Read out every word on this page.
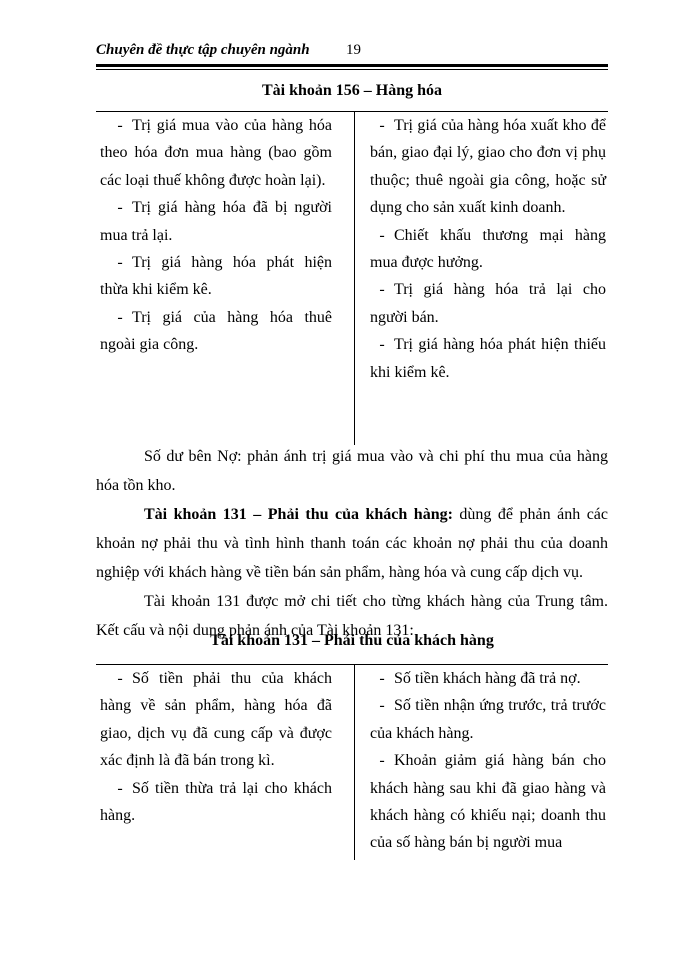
Chuyên đề thực tập chuyên ngành 19
Tài khoản 156 – Hàng hóa

- Trị giá mua vào của hàng hóa theo hóa đơn mua hàng (bao gồm các loại thuế không được hoàn lại).

- Trị giá hàng hóa đã bị người mua trả lại.

- Trị giá hàng hóa phát hiện thừa khi kiểm kê.

- Trị giá của hàng hóa thuê ngoài gia công.

- Trị giá của hàng hóa xuất kho để bán, giao đại lý, giao cho đơn vị phụ thuộc; thuê ngoài gia công, hoặc sử dụng cho sản xuất kinh doanh.

- Chiết khấu thương mại hàng mua được hưởng.

- Trị giá hàng hóa trả lại cho người bán.

- Trị giá hàng hóa phát hiện thiếu khi kiểm kê.

Số dư bên Nợ: phản ánh trị giá mua vào và chi phí thu mua của hàng hóa tồn kho.

Tài khoản 131 – Phải thu của khách hàng: dùng để phản ánh các khoản nợ phải thu và tình hình thanh toán các khoản nợ phải thu của doanh nghiệp với khách hàng về tiền bán sản phẩm, hàng hóa và cung cấp dịch vụ.

Tài khoản 131 được mở chi tiết cho từng khách hàng của Trung tâm. Kết cấu và nội dung phản ánh của Tài khoản 131:

Tài khoản 131 – Phải thu của khách hàng

- Số tiền phải thu của khách hàng về sản phẩm, hàng hóa đã giao, dịch vụ đã cung cấp và được xác định là đã bán trong kì.

- Số tiền thừa trả lại cho khách hàng.

- Số tiền khách hàng đã trả nợ.

- Số tiền nhận ứng trước, trả trước của khách hàng.

- Khoản giảm giá hàng bán cho khách hàng sau khi đã giao hàng và khách hàng có khiếu nại; doanh thu của số hàng bán bị người mua
